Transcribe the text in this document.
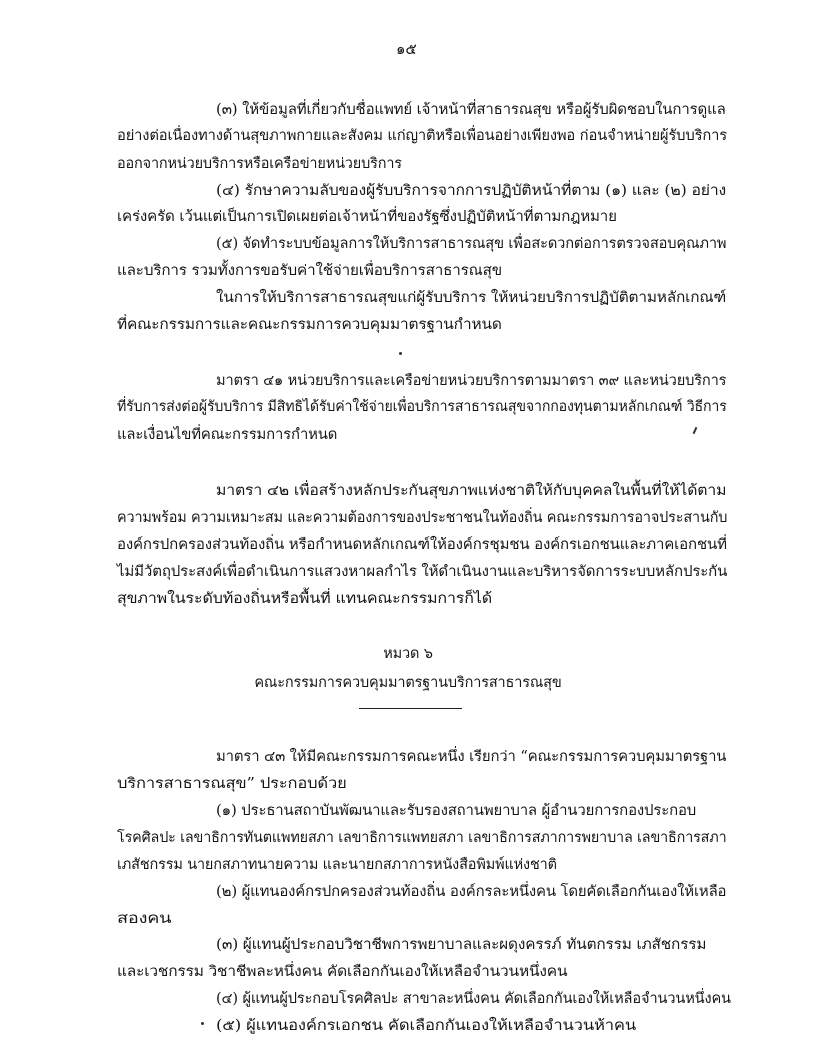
๑๕
(๓) ให้ข้อมูลที่เกี่ยวกับชื่อแพทย์ เจ้าหน้าที่สาธารณสุข หรือผู้รับผิดชอบในการดูแล
อย่างต่อเนื่องทางด้านสุขภาพกายและสังคม แก่ญาติหรือเพื่อนอย่างเพียงพอ ก่อนจำหน่ายผู้รับบริการ
ออกจากหน่วยบริการหรือเครือข่ายหน่วยบริการ
(๔) รักษาความลับของผู้รับบริการจากการปฏิบัติหน้าที่ตาม (๑) และ (๒) อย่าง
เคร่งครัด เว้นแต่เป็นการเปิดเผยต่อเจ้าหน้าที่ของรัฐซึ่งปฏิบัติหน้าที่ตามกฎหมาย
(๕) จัดทำระบบข้อมูลการให้บริการสาธารณสุข เพื่อสะดวกต่อการตรวจสอบคุณภาพ
และบริการ รวมทั้งการขอรับค่าใช้จ่ายเพื่อบริการสาธารณสุข
ในการให้บริการสาธารณสุขแก่ผู้รับบริการ ให้หน่วยบริการปฏิบัติตามหลักเกณฑ์
ที่คณะกรรมการและคณะกรรมการควบคุมมาตรฐานกำหนด
มาตรา ๔๑ หน่วยบริการและเครือข่ายหน่วยบริการตามมาตรา ๓๙ และหน่วยบริการ
ที่รับการส่งต่อผู้รับบริการ มีสิทธิได้รับค่าใช้จ่ายเพื่อบริการสาธารณสุขจากกองทุนตามหลักเกณฑ์ วิธีการ
และเงื่อนไขที่คณะกรรมการกำหนด
มาตรา ๔๒ เพื่อสร้างหลักประกันสุขภาพแห่งชาติให้กับบุคคลในพื้นที่ให้ได้ตาม
ความพร้อม ความเหมาะสม และความต้องการของประชาชนในท้องถิ่น คณะกรรมการอาจประสานกับ
องค์กรปกครองส่วนท้องถิ่น หรือกำหนดหลักเกณฑ์ให้องค์กรชุมชน องค์กรเอกชนและภาคเอกชนที่
ไม่มีวัตถุประสงค์เพื่อดำเนินการแสวงหาผลกำไร ให้ดำเนินงานและบริหารจัดการระบบหลักประกัน
สุขภาพในระดับท้องถิ่นหรือพื้นที่ แทนคณะกรรมการก็ได้
หมวด ๖
คณะกรรมการควบคุมมาตรฐานบริการสาธารณสุข
มาตรา ๔๓ ให้มีคณะกรรมการคณะหนึ่ง เรียกว่า “คณะกรรมการควบคุมมาตรฐาน
บริการสาธารณสุข” ประกอบด้วย
(๑) ประธานสถาบันพัฒนาและรับรองสถานพยาบาล ผู้อำนวยการกองประกอบ
โรคศิลปะ เลขาธิการทันตแพทยสภา เลขาธิการแพทยสภา เลขาธิการสภาการพยาบาล เลขาธิการสภา
เภสัชกรรม นายกสภาทนายความ และนายกสภาการหนังสือพิมพ์แห่งชาติ
(๒) ผู้แทนองค์กรปกครองส่วนท้องถิ่น องค์กรละหนึ่งคน โดยคัดเลือกกันเองให้เหลือ
สองคน
(๓) ผู้แทนผู้ประกอบวิชาชีพการพยาบาลและผดุงครรภ์ ทันตกรรม เภสัชกรรม
และเวชกรรม วิชาชีพละหนึ่งคน คัดเลือกกันเองให้เหลือจำนวนหนึ่งคน
(๔) ผู้แทนผู้ประกอบโรคศิลปะ สาขาละหนึ่งคน คัดเลือกกันเองให้เหลือจำนวนหนึ่งคน
(๕) ผู้แทนองค์กรเอกชน คัดเลือกกันเองให้เหลือจำนวนห้าคน
